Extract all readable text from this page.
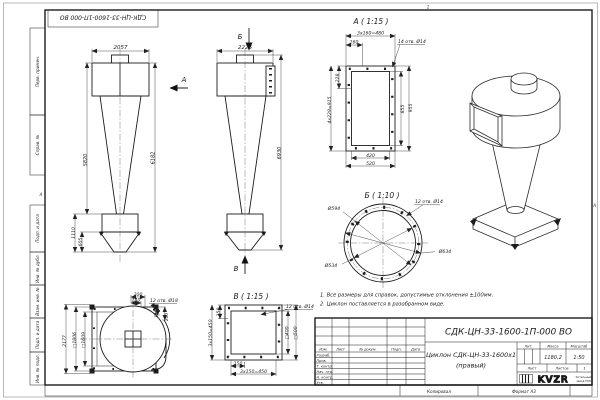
Копировал	Формат А3
1
А
А
СДК-ЦН-33-1600-1П-000 ВО
Перв. примен.
Справ. №
Подп. и дата
Инв. № дубл.
Взам. инв. №
Подп. и дата
Инв. № подл.
2057
6182
5820
1110
605
А
2226
6930
Б
В
А ( 1:15 )
3x160=480
160	14 отв. Ø14
228
4x229=915	855 955
420
520
Б ( 1:10 )
Ø594
Ø534
Ø634
12 отв. Ø14
2177 □1806 □1609
200
140 12 отв. Ø18
140 200
В ( 1:15 )
12 отв. Ø14
150
3x150=450	□400 □500
150
3x150=450
1. Все размеры для справок, допустимые отклонения ±100мм.
2. Циклон поставляется в разобранном виде.
Изм. Лист	№ докум.	Подп.	Дата
Разраб.
Пров.
Т. контр.
Нач. отд.
Н. контр.
Утв.
СДК-ЦН-33-1600-1П-000 ВО
Циклон СДК-ЦН-33-1600х1
(правый)
Лит.	Масса	Масштаб
1180,2 1:50
Лист	Листов	1
KVZR	Котельный
завод РЭП
